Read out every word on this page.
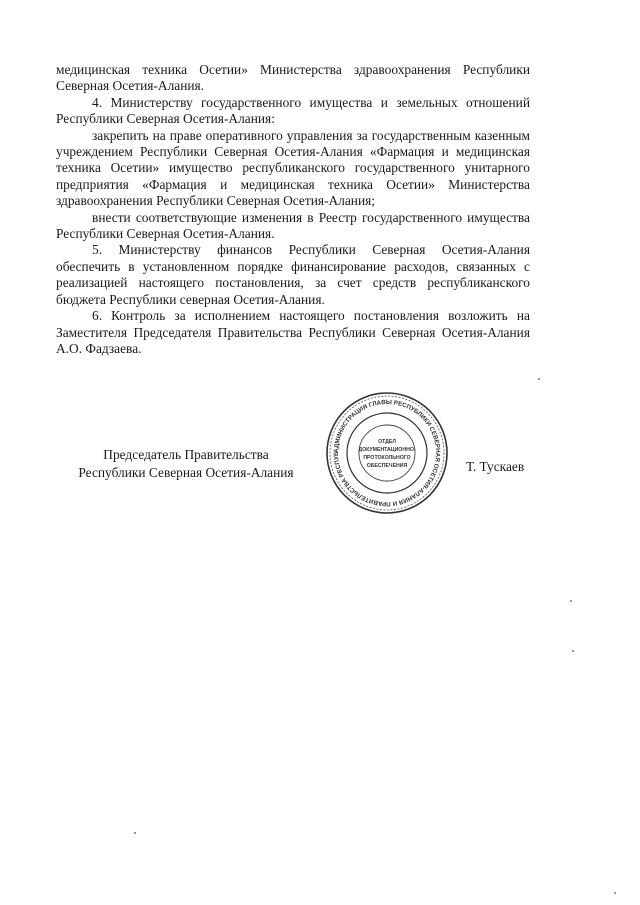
медицинская техника Осетии» Министерства здравоохранения Республики Северная Осетия-Алания.

4. Министерству государственного имущества и земельных отношений Республики Северная Осетия-Алания:

закрепить на праве оперативного управления за государственным казенным учреждением Республики Северная Осетия-Алания «Фармация и медицинская техника Осетии» имущество республиканского государственного унитарного предприятия «Фармация и медицинская техника Осетии» Министерства здравоохранения Республики Северная Осетия-Алания;

внести соответствующие изменения в Реестр государственного имущества Республики Северная Осетия-Алания.

5. Министерству финансов Республики Северная Осетия-Алания обеспечить в установленном порядке финансирование расходов, связанных с реализацией настоящего постановления, за счет средств республиканского бюджета Республики северная Осетия-Алания.

6. Контроль за исполнением настоящего постановления возложить на Заместителя Председателя Правительства Республики Северная Осетия-Алания А.О. Фадзаева.

Председатель Правительства
Республики Северная Осетия-Алания
АДМИНИСТРАЦИЯ ГЛАВЫ РЕСПУБЛИКИ СЕВЕРНАЯ ОСЕТИЯ-АЛАНИЯ И ПРАВИТЕЛЬСТВА РЕСПУБ
ОТДЕЛ
ДОКУМЕНТАЦИОННО-
ПРОТОКОЛЬНОГО
ОБЕСПЕЧЕНИЯ	Т. Тускаев
